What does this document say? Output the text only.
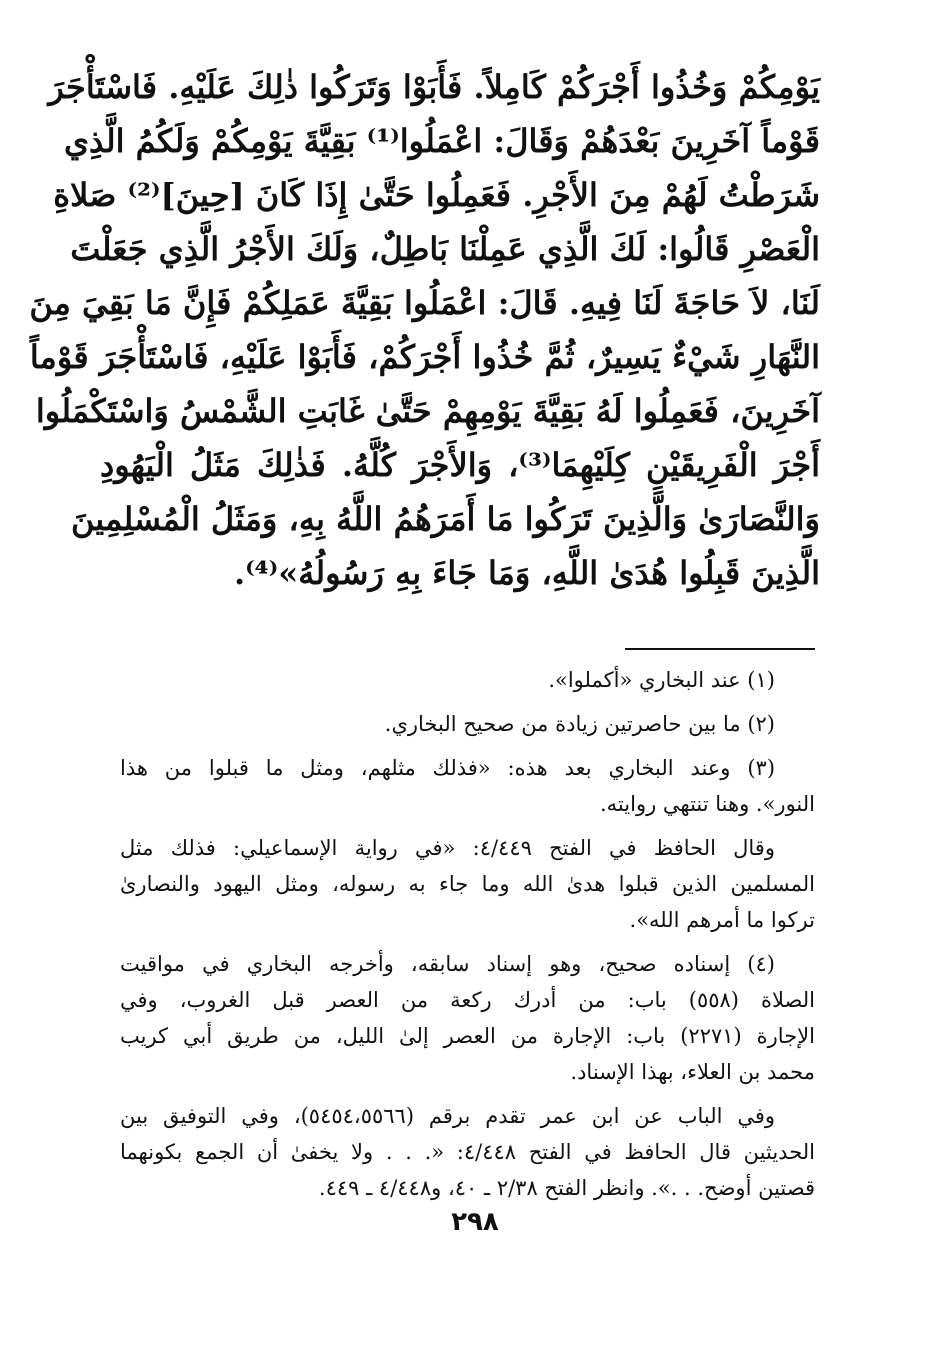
يَوْمِكُمْ وَخُذُوا أَجْرَكُمْ كَامِلاً. فَأَبَوْا وَتَرَكُوا ذٰلِكَ عَلَيْهِ. فَاسْتَأْجَرَ
قَوْماً آخَرِينَ بَعْدَهُمْ وَقَالَ: اعْمَلُوا⁽¹⁾ بَقِيَّةَ يَوْمِكُمْ وَلَكُمُ الَّذِي
شَرَطْتُ لَهُمْ مِنَ الأَجْرِ. فَعَمِلُوا حَتَّىٰ إِذَا كَانَ [حِينَ]⁽²⁾ صَلاةِ
الْعَصْرِ قَالُوا: لَكَ الَّذِي عَمِلْنَا بَاطِلٌ، وَلَكَ الأَجْرُ الَّذِي جَعَلْتَ
لَنَا، لاَ حَاجَةَ لَنَا فِيهِ. قَالَ: اعْمَلُوا بَقِيَّةَ عَمَلِكُمْ فَإِنَّ مَا بَقِيَ مِنَ
النَّهَارِ شَيْءٌ يَسِيرٌ، ثُمَّ خُذُوا أَجْرَكُمْ، فَأَبَوْا عَلَيْهِ، فَاسْتَأْجَرَ قَوْماً
آخَرِينَ، فَعَمِلُوا لَهُ بَقِيَّةَ يَوْمِهِمْ حَتَّىٰ غَابَتِ الشَّمْسُ وَاسْتَكْمَلُوا
أَجْرَ الْفَرِيقَيْنِ كِلَيْهِمَا⁽³⁾، وَالأَجْرَ كُلَّهُ. فَذٰلِكَ مَثَلُ الْيَهُودِ
وَالنَّصَارَىٰ وَالَّذِينَ تَرَكُوا مَا أَمَرَهُمُ اللَّهُ بِهِ، وَمَثَلُ الْمُسْلِمِينَ
الَّذِينَ قَبِلُوا هُدَىٰ اللَّهِ، وَمَا جَاءَ بِهِ رَسُولُهُ»⁽⁴⁾.
(١) عند البخاري «أكملوا».
(٢) ما بين حاصرتين زيادة من صحيح البخاري.
(٣) وعند البخاري بعد هذه: «فذلك مثلهم، ومثل ما قبلوا من هذا
النور». وهنا تنتهي روايته.
وقال الحافظ في الفتح ٤/٤٤٩: «في رواية الإسماعيلي: فذلك مثل
المسلمين الذين قبلوا هدىٰ الله وما جاء به رسوله، ومثل اليهود والنصارىٰ
تركوا ما أمرهم الله».
(٤) إسناده صحيح، وهو إسناد سابقه، وأخرجه البخاري في مواقيت
الصلاة (٥٥٨) باب: من أدرك ركعة من العصر قبل الغروب، وفي
الإجارة (٢٢٧١) باب: الإجارة من العصر إلىٰ الليل، من طريق أبي كريب
محمد بن العلاء، بهذا الإسناد.
وفي الباب عن ابن عمر تقدم برقم (٥٤٥٤،٥٥٦٦)، وفي التوفيق بين
الحديثين قال الحافظ في الفتح ٤/٤٤٨: «. . . ولا يخفىٰ أن الجمع بكونهما
قصتين أوضح. . .». وانظر الفتح ٢/٣٨ ـ ٤٠، و٤/٤٤٨ ـ ٤٤٩.
٢٩٨
